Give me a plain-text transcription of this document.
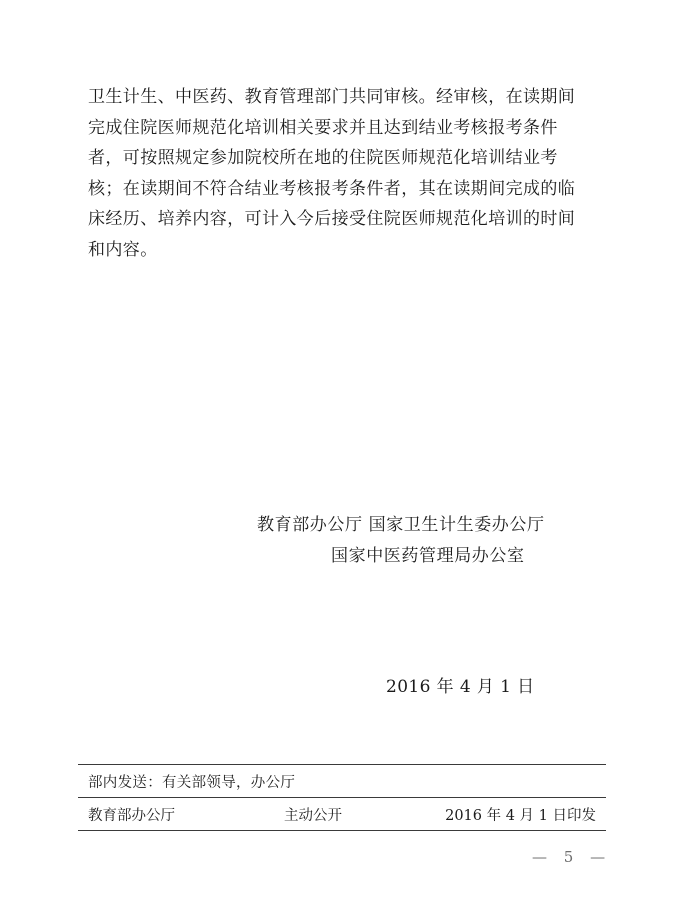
卫生计生、中医药、教育管理部门共同审核。经审核，在读期间
完成住院医师规范化培训相关要求并且达到结业考核报考条件
者，可按照规定参加院校所在地的住院医师规范化培训结业考
核；在读期间不符合结业考核报考条件者，其在读期间完成的临
床经历、培养内容，可计入今后接受住院医师规范化培训的时间
和内容。
教育部办公厅 国家卫生计生委办公厅
国家中医药管理局办公室
2016 年 4 月 1 日
部内发送：有关部领导，办公厅
教育部办公厅	主动公开	2016 年 4 月 1 日印发
— 5 —
